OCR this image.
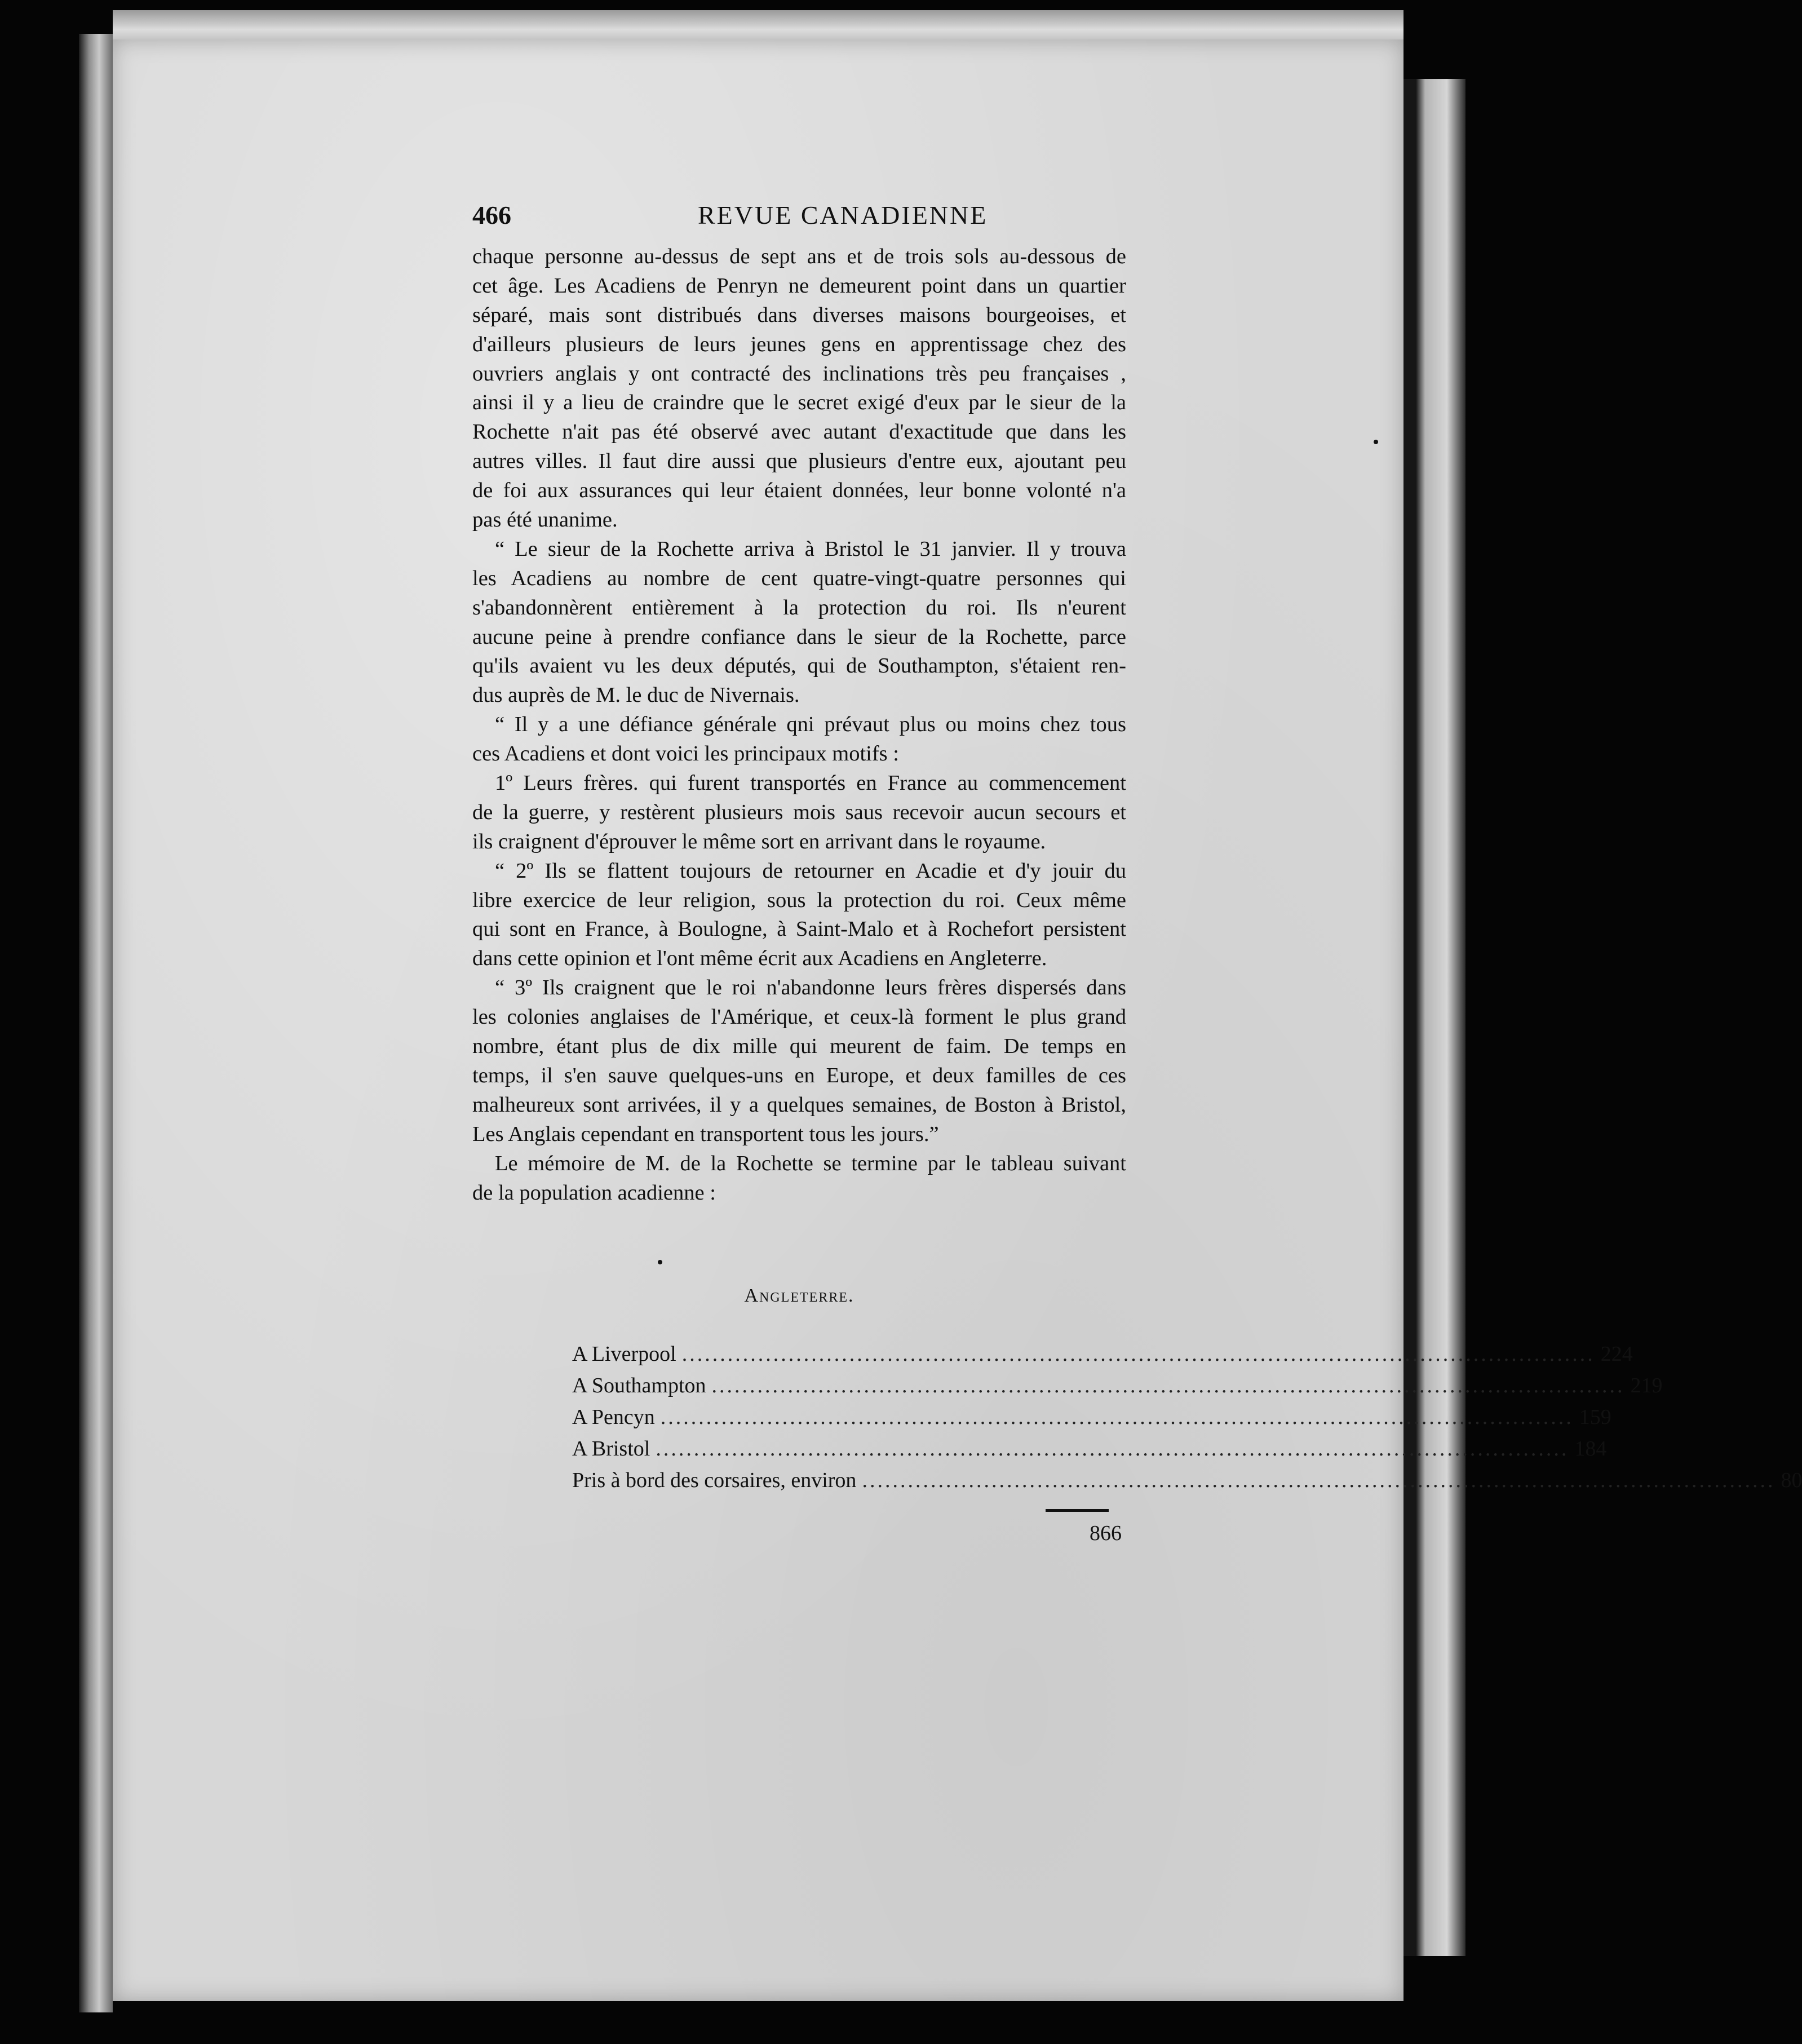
466	REVUE CANADIENNE
chaque personne au-dessus de sept ans et de trois sols au-dessous de
cet âge. Les Acadiens de Penryn ne demeurent point dans un quartier
séparé, mais sont distribués dans diverses maisons bourgeoises, et
d'ailleurs plusieurs de leurs jeunes gens en apprentissage chez des
ouvriers anglais y ont contracté des inclinations très peu françaises ,
ainsi il y a lieu de craindre que le secret exigé d'eux par le sieur de la
Rochette n'ait pas été observé avec autant d'exactitude que dans les
autres villes. Il faut dire aussi que plusieurs d'entre eux, ajoutant peu
de foi aux assurances qui leur étaient données, leur bonne volonté n'a
pas été unanime.
“ Le sieur de la Rochette arriva à Bristol le 31 janvier. Il y trouva
les Acadiens au nombre de cent quatre-vingt-quatre personnes qui
s'abandonnèrent entièrement à la protection du roi. Ils n'eurent
aucune peine à prendre confiance dans le sieur de la Rochette, parce
qu'ils avaient vu les deux députés, qui de Southampton, s'étaient ren-
dus auprès de M. le duc de Nivernais.
“ Il y a une défiance générale qni prévaut plus ou moins chez tous
ces Acadiens et dont voici les principaux motifs :
1º Leurs frères. qui furent transportés en France au commencement
de la guerre, y restèrent plusieurs mois saus recevoir aucun secours et
ils craignent d'éprouver le même sort en arrivant dans le royaume.
“ 2º Ils se flattent toujours de retourner en Acadie et d'y jouir du
libre exercice de leur religion, sous la protection du roi. Ceux même
qui sont en France, à Boulogne, à Saint-Malo et à Rochefort persistent
dans cette opinion et l'ont même écrit aux Acadiens en Angleterre.
“ 3º Ils craignent que le roi n'abandonne leurs frères dispersés dans
les colonies anglaises de l'Amérique, et ceux-là forment le plus grand
nombre, étant plus de dix mille qui meurent de faim. De temps en
temps, il s'en sauve quelques-uns en Europe, et deux familles de ces
malheureux sont arrivées, il y a quelques semaines, de Boston à Bristol,
Les Anglais cependant en transportent tous les jours.”
Le mémoire de M. de la Rochette se termine par le tableau suivant
de la population acadienne :
Angleterre.
A Liverpool ........................................................................................................................ 224
A Southampton ........................................................................................................................ 219
A Pencyn ........................................................................................................................ 159
A Bristol ........................................................................................................................ 184
Pris à bord des corsaires, environ ........................................................................................................................ 80
866
